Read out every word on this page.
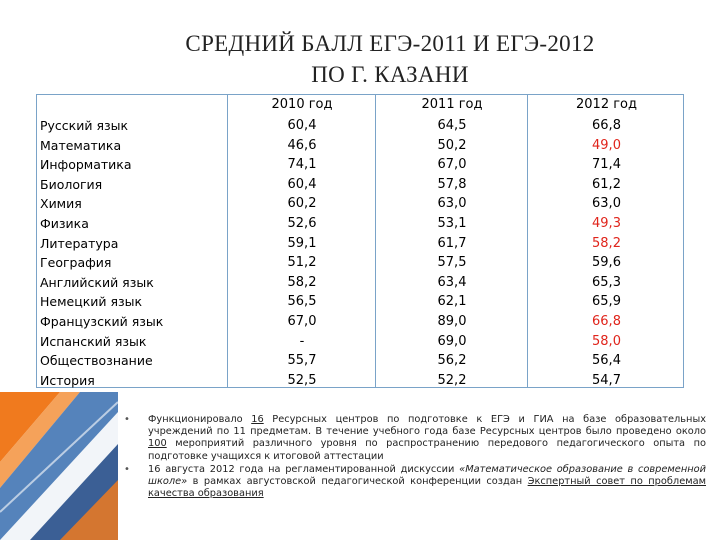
СРЕДНИЙ БАЛЛ ЕГЭ-2011 И ЕГЭ-2012
ПО Г. КАЗАНИ
Русский язык
Математика
Информатика
Биология
Химия
Физика
Литература
География
Английский язык
Немецкий язык
Французский язык
Испанский язык
Обществознание
История
2010 год
60,4
46,6
74,1
60,4
60,2
52,6
59,1
51,2
58,2
56,5
67,0
-
55,7
52,5
2011 год
64,5
50,2
67,0
57,8
63,0
53,1
61,7
57,5
63,4
62,1
89,0
69,0
56,2
52,2
2012 год
66,8
49,0
71,4
61,2
63,0
49,3
58,2
59,6
65,3
65,9
66,8
58,0
56,4
54,7
• Функционировало 16 Ресурсных центров по подготовке к ЕГЭ и ГИА на базе образовательных учреждений по 11 предметам. В течение учебного года базе Ресурсных центров было проведено около 100 мероприятий различного уровня по распространению передового педагогического опыта по подготовке учащихся к итоговой аттестации
• 16 августа 2012 года на регламентированной дискуссии «Математическое образование в современной школе» в рамках августовской педагогической конференции создан Экспертный совет по проблемам качества образования
